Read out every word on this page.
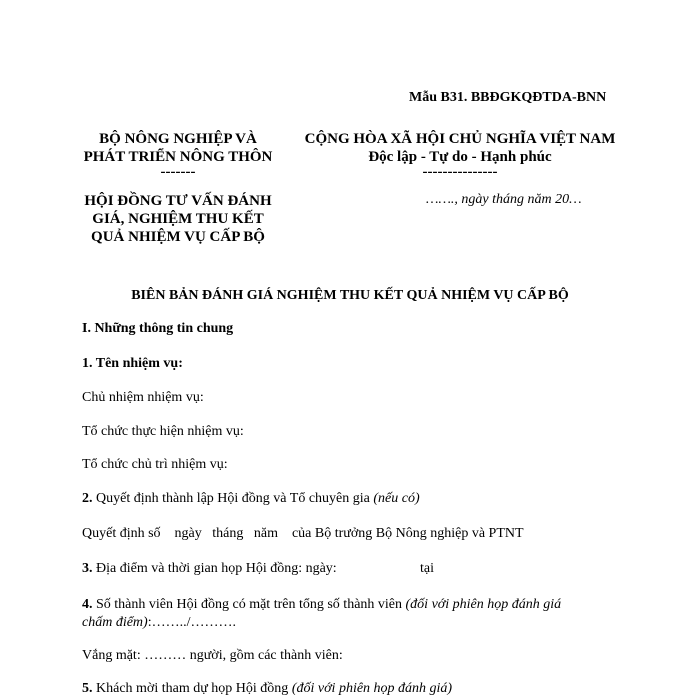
Mẫu B31. BBĐGKQĐTDA-BNN
BỘ NÔNG NGHIỆP VÀ
PHÁT TRIỂN NÔNG THÔN
-------
HỘI ĐỒNG TƯ VẤN ĐÁNH
GIÁ, NGHIỆM THU KẾT
QUẢ NHIỆM VỤ CẤP BỘ
CỘNG HÒA XÃ HỘI CHỦ NGHĨA VIỆT NAM
Độc lập - Tự do - Hạnh phúc
---------------
……., ngày tháng năm 20…
BIÊN BẢN ĐÁNH GIÁ NGHIỆM THU KẾT QUẢ NHIỆM VỤ CẤP BỘ
I. Những thông tin chung
1. Tên nhiệm vụ:
Chủ nhiệm nhiệm vụ:
Tổ chức thực hiện nhiệm vụ:
Tổ chức chủ trì nhiệm vụ:
2. Quyết định thành lập Hội đồng và Tổ chuyên gia (nếu có)
Quyết định số    ngày   tháng   năm    của Bộ trưởng Bộ Nông nghiệp và PTNT
3. Địa điểm và thời gian họp Hội đồng: ngày:	tại
4. Số thành viên Hội đồng có mặt trên tổng số thành viên (đối với phiên họp đánh giá
chấm điểm):……../……….
Vắng mặt: ……… người, gồm các thành viên:
5. Khách mời tham dự họp Hội đồng (đối với phiên họp đánh giá)
